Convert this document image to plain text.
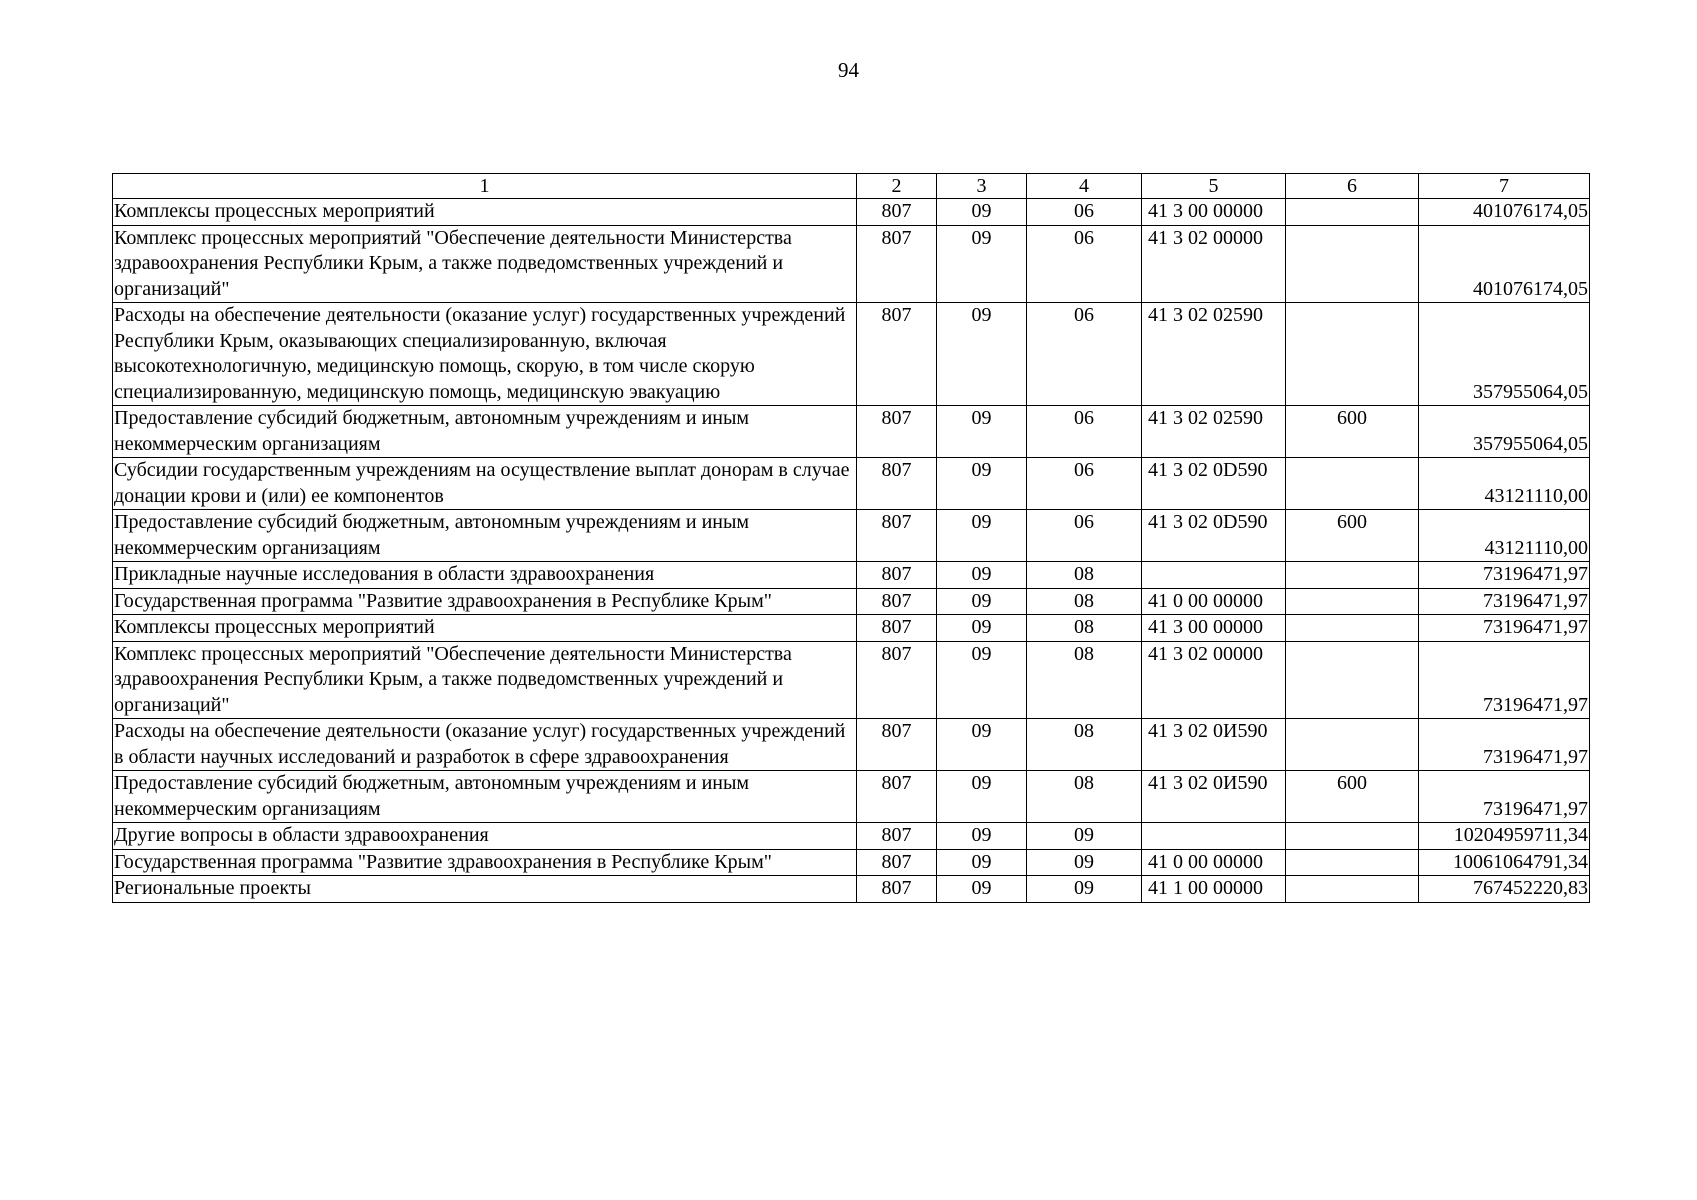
94
1	2	3	4	5	6	7
Комплексы процессных мероприятий	807	09	06	41 3 00 00000		401076174,05
Комплекс процессных мероприятий "Обеспечение деятельности Министерства здравоохранения Республики Крым, а также подведомственных учреждений и организаций"	807	09	06	41 3 02 00000		401076174,05
Расходы на обеспечение деятельности (оказание услуг) государственных учреждений Республики Крым, оказывающих специализированную, включая высокотехнологичную, медицинскую помощь, скорую, в том числе скорую специализированную, медицинскую помощь, медицинскую эвакуацию	807	09	06	41 3 02 02590		357955064,05
Предоставление субсидий бюджетным, автономным учреждениям и иным некоммерческим организациям	807	09	06	41 3 02 02590	600	357955064,05
Субсидии государственным учреждениям на осуществление выплат донорам в случае донации крови и (или) ее компонентов	807	09	06	41 3 02 0D590		43121110,00
Предоставление субсидий бюджетным, автономным учреждениям и иным некоммерческим организациям	807	09	06	41 3 02 0D590	600	43121110,00
Прикладные научные исследования в области здравоохранения	807	09	08			73196471,97
Государственная программа "Развитие здравоохранения в Республике Крым"	807	09	08	41 0 00 00000		73196471,97
Комплексы процессных мероприятий	807	09	08	41 3 00 00000		73196471,97
Комплекс процессных мероприятий "Обеспечение деятельности Министерства здравоохранения Республики Крым, а также подведомственных учреждений и организаций"	807	09	08	41 3 02 00000		73196471,97
Расходы на обеспечение деятельности (оказание услуг) государственных учреждений в области научных исследований и разработок в сфере здравоохранения	807	09	08	41 3 02 0И590		73196471,97
Предоставление субсидий бюджетным, автономным учреждениям и иным некоммерческим организациям	807	09	08	41 3 02 0И590	600	73196471,97
Другие вопросы в области здравоохранения	807	09	09			10204959711,34
Государственная программа "Развитие здравоохранения в Республике Крым"	807	09	09	41 0 00 00000		10061064791,34
Региональные проекты	807	09	09	41 1 00 00000		767452220,83
